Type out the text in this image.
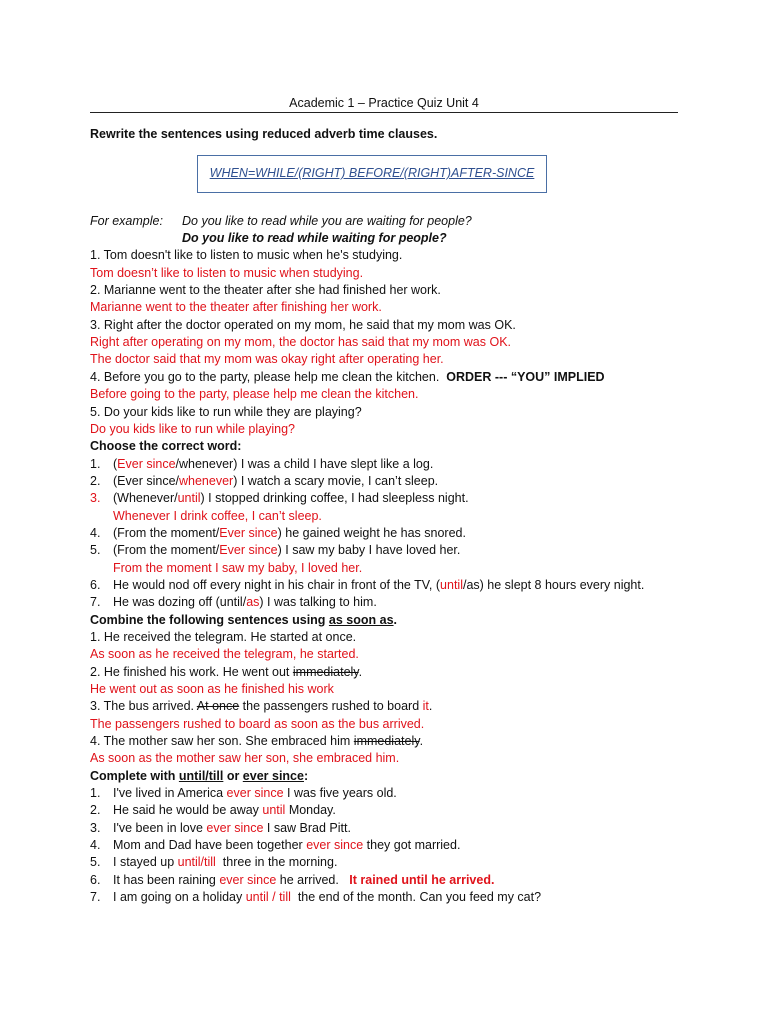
Academic 1 – Practice Quiz Unit 4
WHEN=WHILE/(RIGHT) BEFORE/(RIGHT)AFTER-SINCE
Rewrite the sentences using reduced adverb time clauses.
For example: Do you like to read while you are waiting for people?
Do you like to read while waiting for people?
1. Tom doesn't like to listen to music when he's studying.
Tom doesn’t like to listen to music when studying.
2. Marianne went to the theater after she had finished her work.
Marianne went to the theater after finishing her work.
3. Right after the doctor operated on my mom, he said that my mom was OK.
Right after operating on my mom, the doctor has said that my mom was OK.
The doctor said that my mom was okay right after operating her.
4. Before you go to the party, please help me clean the kitchen. ORDER --- “YOU” IMPLIED
Before going to the party, please help me clean the kitchen.
5. Do your kids like to run while they are playing?
Do you kids like to run while playing?
Choose the correct word:
1. (Ever since/whenever) I was a child I have slept like a log.
2. (Ever since/whenever) I watch a scary movie, I can’t sleep.
3. (Whenever/until) I stopped drinking coffee, I had sleepless night.
Whenever I drink coffee, I can’t sleep.
4. (From the moment/Ever since) he gained weight he has snored.
5. (From the moment/Ever since) I saw my baby I have loved her.
From the moment I saw my baby, I loved her.
6. He would nod off every night in his chair in front of the TV, (until/as) he slept 8 hours every night.
7. He was dozing off (until/as) I was talking to him.
Combine the following sentences using as soon as.
1. He received the telegram. He started at once.
As soon as he received the telegram, he started.
2. He finished his work. He went out immediately.
He went out as soon as he finished his work
3. The bus arrived. At once the passengers rushed to board it.
The passengers rushed to board as soon as the bus arrived.
4. The mother saw her son. She embraced him immediately.
As soon as the mother saw her son, she embraced him.
Complete with until/till or ever since:
1. I've lived in America ever since I was five years old.
2. He said he would be away until Monday.
3. I've been in love ever since I saw Brad Pitt.
4. Mom and Dad have been together ever since they got married.
5. I stayed up until/till  three in the morning.
6. It has been raining ever since he arrived.   It rained until he arrived.
7. I am going on a holiday until / till  the end of the month. Can you feed my cat?
